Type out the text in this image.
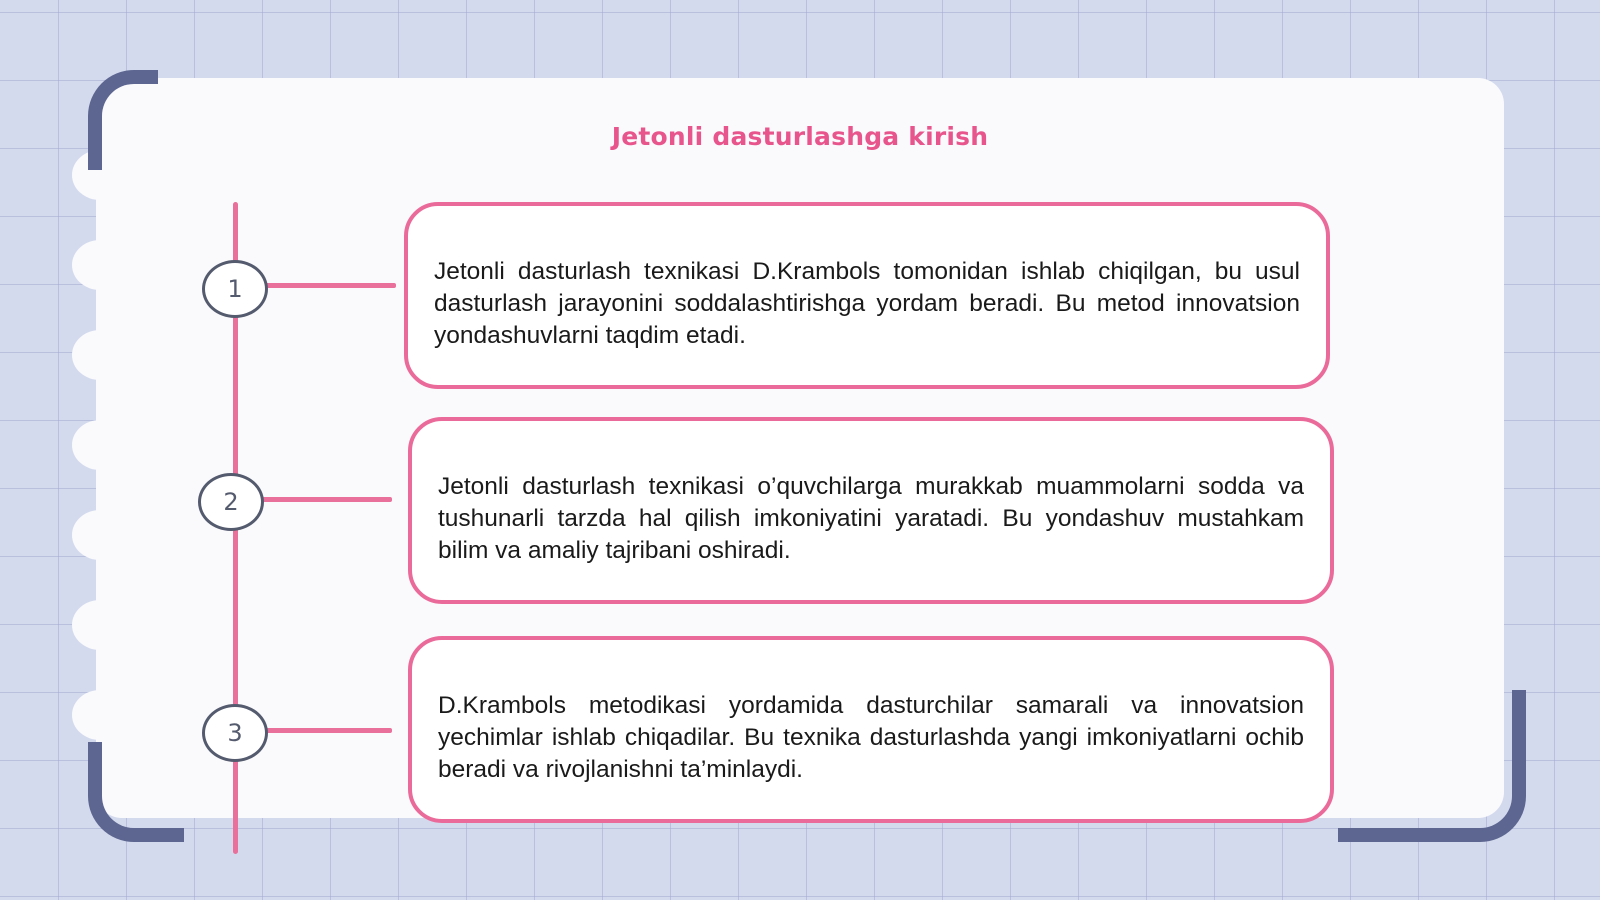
Jetonli dasturlashga kirish
1

Jetonli dasturlash texnikasi D.Krambols tomonidan ishlab chiqilgan, bu usul dasturlash jarayonini soddalashtirishga yordam beradi. Bu metod innovatsion yondashuvlarni taqdim etadi.

2

Jetonli dasturlash texnikasi o’quvchilarga murakkab muammolarni sodda va tushunarli tarzda hal qilish imkoniyatini yaratadi. Bu yondashuv mustahkam bilim va amaliy tajribani oshiradi.

3

D.Krambols metodikasi yordamida dasturchilar samarali va innovatsion yechimlar ishlab chiqadilar. Bu texnika dasturlashda yangi imkoniyatlarni ochib beradi va rivojlanishni ta’minlaydi.
